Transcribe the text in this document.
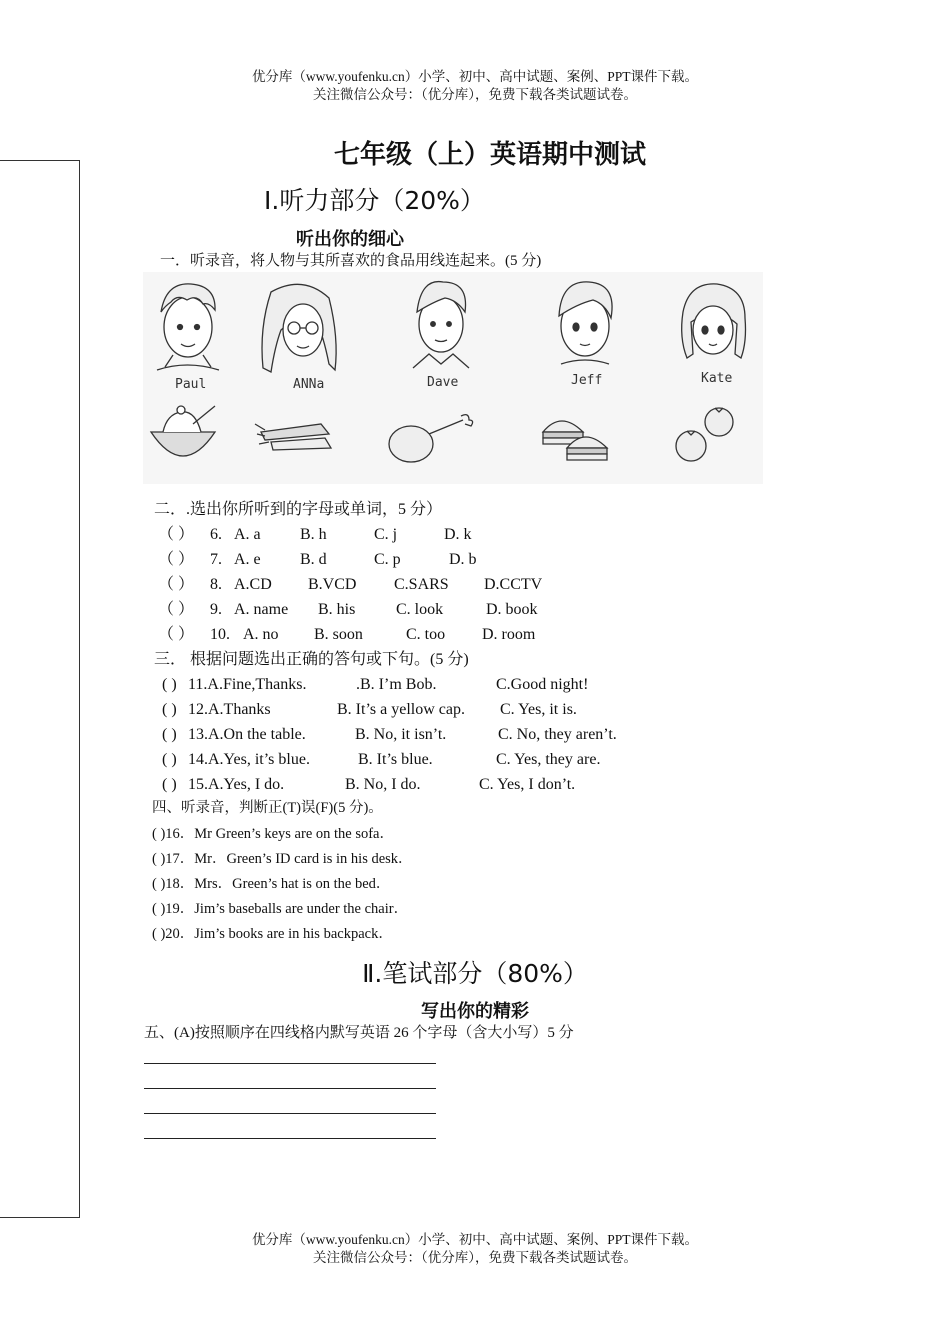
优分库（www.youfenku.cn）小学、初中、高中试题、案例、PPT课件下载。
关注微信公众号：（优分库），免费下载各类试题试卷。
七年级（上）英语期中测试
Ⅰ.听力部分（20%）
听出你的细心
一．听录音，将人物与其所喜欢的食品用线连起来。(5 分)
Paul	ANNa	Dave	Jeff	Kate
二．.选出你所听到的字母或单词，5 分）
（ ） 6. A. a B. h	C. j	D. k
（ ） 7. A. e B. d	C. p	D. b
（ ） 8. A.CD B.VCD C.SARS D.CCTV
（ ） 9. A. name B. his	C. look	D. book
（ ） 10. A. no B. soon	C. too D. room
三． 根据问题选出正确的答句或下句。(5 分)
( ) 11.A.Fine,Thanks.	.B. I’m Bob.	C.Good night!
( ) 12.A.Thanks	B. It’s a yellow cap. C. Yes, it is.
( ) 13.A.On the table.	B. No, it isn’t.	C. No, they aren’t.
( ) 14.A.Yes, it’s blue.	B. It’s blue.	C. Yes, they are.
( ) 15.A.Yes, I do.	B. No, I do.	C. Yes, I don’t.
四、听录音，判断正(T)误(F)(5 分)。
( )16．Mr Green’s keys are on the sofa．
( )17．Mr．Green’s ID card is in his desk．
( )18．Mrs．Green’s hat is on the bed．
( )19．Jim’s baseballs are under the chair．
( )20．Jim’s books are in his backpack．
Ⅱ.笔试部分（80%）
写出你的精彩
五、(A)按照顺序在四线格内默写英语 26 个字母（含大小写）5 分
优分库（www.youfenku.cn）小学、初中、高中试题、案例、PPT课件下载。
关注微信公众号：（优分库），免费下载各类试题试卷。
